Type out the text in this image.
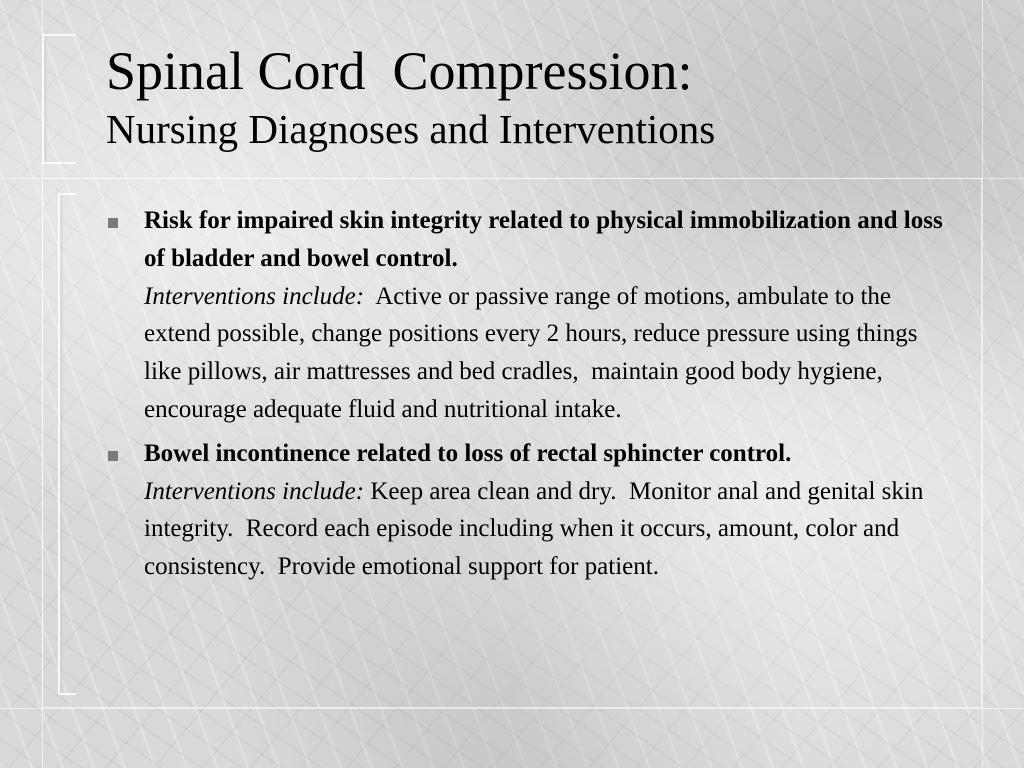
Spinal Cord  Compression:
Nursing Diagnoses and Interventions
Risk for impaired skin integrity related to physical immobilization and loss of bladder and bowel control.
Interventions include:  Active or passive range of motions, ambulate to the extend possible, change positions every 2 hours, reduce pressure using things like pillows, air mattresses and bed cradles,  maintain good body hygiene, encourage adequate fluid and nutritional intake.
Bowel incontinence related to loss of rectal sphincter control.
Interventions include: Keep area clean and dry.  Monitor anal and genital skin integrity.  Record each episode including when it occurs, amount, color and consistency.  Provide emotional support for patient.
